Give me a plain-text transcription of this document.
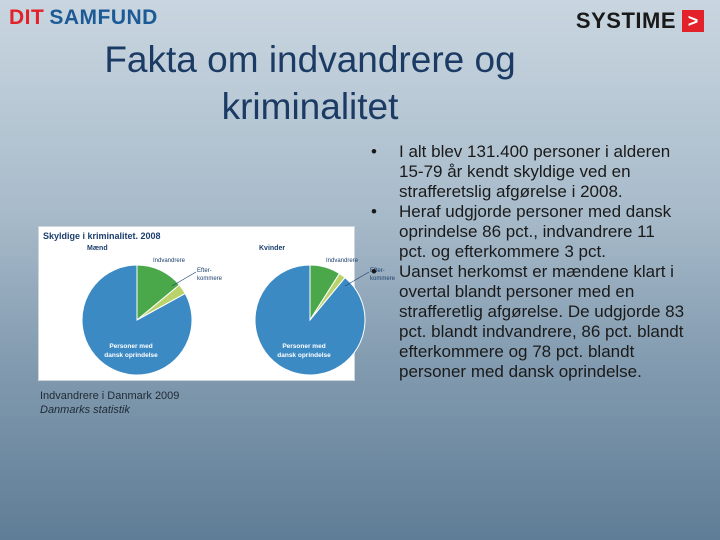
DIT SAMFUND	SYSTIME >
Fakta om indvandrere og
kriminalitet
Skyldige i kriminalitet. 2008
Mænd
Indvandrere
Efter-
kommere
Personer med
dansk oprindelse
Kvinder
Indvandrere
Efter-
kommere
Personer med
dansk oprindelse
Indvandrere i Danmark 2009
Danmarks statistik
• I alt blev 131.400 personer i alderen 15-79 år kendt skyldige ved en strafferetslig afgørelse i 2008.
• Heraf udgjorde personer med dansk oprindelse 86 pct., indvandrere 11 pct. og efterkommere 3 pct.
• Uanset herkomst er mændene klart i overtal blandt personer med en strafferetlig afgørelse. De udgjorde 83 pct. blandt indvandrere, 86 pct. blandt efterkommere og 78 pct. blandt personer med dansk oprindelse.
